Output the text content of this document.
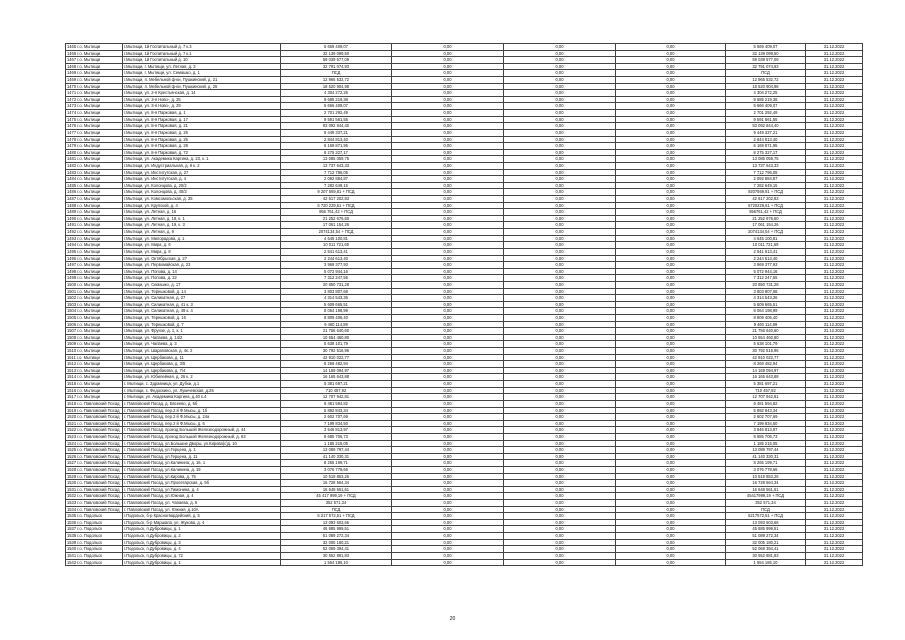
1465 г.о. Мытищи	г.Мытищи, 1й Госпитальный д. 7 к.3	5 669 409,07	0,00	0,00	0,00	5 669 409,07	31.12.2022
1466 г.о. Мытищи	г.Мытищи, 1й Госпитальный д. 7 к.1	32 139 099,50	0,00	0,00	0,00	32 139 099,50	31.12.2022
1467 г.о. Мытищи	г.Мытищи, 1й Госпитальный д. 10	59 039 577,09	0,00	0,00	0,00	59 039 577,09	31.12.2022
1468 г.о. Мытищи	г.Мытищи, г. Мытищи, ул. Летная, д. 3	32 791 074,93	0,00	0,00	0,00	32 791 074,93	31.12.2022
1469 г.о. Мытищи	г.Мытищи, г. Мытищи, ул. Семашко, д. 1	ПСД	0,00	0,00	0,00	ПСД	31.12.2022
1469 г.о. Мытищи	г.Мытищи, п. Мебельной ф-ки, Пушкинский, д. 21	12 965 532,72	0,00	0,00	0,00	12 965 532,72	31.12.2022
1470 г.о. Мытищи	г.Мытищи, п. Мебельной ф-ки, Пушкинский, д. 25	18 520 904,98	0,00	0,00	0,00	18 520 904,98	31.12.2022
1471 г.о. Мытищи	г.Мытищи, ул. 2-я Крестьянская, д. 14	4 304 272,25	0,00	0,00	0,00	4 304 272,25	31.12.2022
1472 г.о. Мытищи	г.Мытищи, ул. 3-я Ново-, д. 25	9 685 219,38	0,00	0,00	0,00	9 685 219,38	31.12.2022
1473 г.о. Мытищи	г.Мытищи, ул. 3-я Ново-, д. 29	5 666 409,07	0,00	0,00	0,00	5 666 409,07	31.12.2022
1474 г.о. Мытищи	г.Мытищи, ул. 8-я Парковая, д. 1	2 701 292,49	0,00	0,00	0,00	2 701 292,49	31.12.2022
1475 г.о. Мытищи	г.Мытищи, ул. 8-я Парковая, д. 17	9 591 561,55	0,00	0,00	0,00	9 591 561,55	31.12.2022
1476 г.о. Мытищи	г.Мытищи, ул. 8-я Парковая, д. 21	93 092 844,40	0,00	0,00	0,00	93 092 844,40	31.12.2022
1477 г.о. Мытищи	г.Мытищи, ул. 8-я Парковая, д. 25	9 449 337,21	0,00	0,00	0,00	9 449 337,21	31.12.2022
1478 г.о. Мытищи	г.Мытищи, ул. 8-я Парковая, д. 25	2 844 813,40	0,00	0,00	0,00	2 844 813,40	31.12.2022
1479 г.о. Мытищи	г.Мытищи, ул. 8-я Парковая, д. 29	6 169 871,95	0,00	0,00	0,00	6 169 871,95	31.12.2022
1480 г.о. Мытищи	г.Мытищи, ул. 8-я Парковая, д. 72	8 275 327,17	0,00	0,00	0,00	8 275 327,17	31.12.2022
1481 г.о. Мытищи	г.Мытищи, ул. Академика Каргина, д. 23, к. 1	13 085 059,75	0,00	0,00	0,00	13 085 059,75	31.12.2022
1482 г.о. Мытищи	г.Мытищи, ул. Индустриальная, д. 9 к. 2	13 737 643,33	0,00	0,00	0,00	13 737 643,33	31.12.2022
1483 г.о. Мытищи	г.Мытищи, ул. Институтская, д. 27	7 712 796,05	0,00	0,00	0,00	7 712 796,05	31.12.2022
1484 г.о. Мытищи	г.Мытищи, ул. Институтская, д. 4	2 092 884,87	0,00	0,00	0,00	2 092 884,87	31.12.2022
1485 г.о. Мытищи	г.Мытищи, ул. Колонцова, д. 20/2	7 282 649,15	0,00	0,00	0,00	7 282 649,15	31.12.2022
1486 г.о. Мытищи	г.Мытищи, ул. Колонцова, д. 40/3	9 207 569,81 + ПСД	0,00	0,00	0,00	9207569,81 + ПСД	31.12.2022
1487 г.о. Мытищи	г.Мытищи, ул. Комсомольская, д. 35	42 617 202,83	0,00	0,00	0,00	42 617 202,83	31.12.2022
1488 г.о. Мытищи	г.Мытищи, ул. Крупской, д. 4	6 720 229,61 + ПСД	0,00	0,00	0,00	6720229,61 + ПСД	31.12.2022
1489 г.о. Мытищи	г.Мытищи, ул. Летная, д. 16	956 761,42 + ПСД	0,00	0,00	0,00	956761,42 + ПСД	31.12.2022
1490 г.о. Мытищи	г.Мытищи, ул. Летная, д. 19, к. 1	21 252 676,60	0,00	0,00	0,00	21 252 676,60	31.12.2022
1491 г.о. Мытищи	г.Мытищи, ул. Летная, д. 19, к. 3	17 061 154,26	0,00	0,00	0,00	17 061 154,26	31.12.2022
1492 г.о. Мытищи	г.Мытищи, ул. Летная, д. 9	2074134,54 + ПСД	0,00	0,00	0,00	2074134,54 + ПСД	31.12.2022
1493 г.о. Мытищи	г.Мытищи, ул. Милорадова, д. 1	4 645 100,81	0,00	0,00	0,00	4 645 100,81	31.12.2022
1494 г.о. Мытищи	г.Мытищи, ул. Мира, д. 6	10 011 721,69	0,00	0,00	0,00	10 011 721,69	31.12.2022
1495 г.о. Мытищи	г.Мытищи, ул. Мира, д. 8	2 541 613,41	0,00	0,00	0,00	2 541 613,41	31.12.2022
1496 г.о. Мытищи	г.Мытищи, ул. Октябрьская, д. 27	2 244 613,40	0,00	0,00	0,00	2 244 613,40	31.12.2022
1497 г.о. Мытищи	г.Мытищи, ул. Первомайская, д. 23	3 969 377,93	0,00	0,00	0,00	3 969 377,93	31.12.2022
1498 г.о. Мытищи	г.Мытищи, ул. Попова, д. 14	5 072 944,16	0,00	0,00	0,00	5 072 944,16	31.12.2022
1499 г.о. Мытищи	г.Мытищи, ул. Попова, д. 22	7 312 247,55	0,00	0,00	0,00	7 312 247,55	31.12.2022
1500 г.о. Мытищи	г.Мытищи, ул. Семашко, д. 17	20 850 731,28	0,00	0,00	0,00	20 850 731,28	31.12.2022
1501 г.о. Мытищи	г.Мытищи, ул. Терешковой, д. 14	3 803 807,68	0,00	0,00	0,00	3 803 807,68	31.12.2022
1502 г.о. Мытищи	г.Мытищи, ул. Силикатная, д. 27	4 314 543,36	0,00	0,00	0,00	4 314 543,36	31.12.2022
1503 г.о. Мытищи	г.Мытищи, ул. Силикатная, д. 41 к. 3	5 609 665,51	0,00	0,00	0,00	5 609 665,51	31.12.2022
1504 г.о. Мытищи	г.Мытищи, ул. Силикатная, д. 49 к. 4	8 064 198,99	0,00	0,00	0,00	8 064 198,99	31.12.2022
1505 г.о. Мытищи	г.Мытищи, ул. Терешковой, д. 16	8 809 406,40	0,00	0,00	0,00	8 809 406,40	31.12.2022
1506 г.о. Мытищи	г.Мытищи, ул. Терешковой, д. 7	9 460 114,89	0,00	0,00	0,00	9 460 114,89	31.12.2022
1507 г.о. Мытищи	г.Мытищи, ул. Фрунзе, д. 1, к. 1	21 756 640,60	0,00	0,00	0,00	21 756 640,60	31.12.2022
1508 г.о. Мытищи	г.Мытищи, ул. Чапаева, д. 14/2	10 654 460,80	0,00	0,00	0,00	10 654 460,80	31.12.2022
1509 г.о. Мытищи	г.Мытищи, ул. Чапаева, д. 3	5 638 101,79	0,00	0,00	0,00	5 638 101,79	31.12.2022
1510 г.о. Мытищи	г.Мытищи, ул. Шараповская, д. 4к. 2	30 792 516,96	0,00	0,00	0,00	30 792 516,96	31.12.2022
1511 г.о. Мытищи	г.Мытищи, ул. Щербакова, д. 11	42 910 022,77	0,00	0,00	0,00	42 910 022,77	31.12.2022
1512 г.о. Мытищи	г.Мытищи, ул. Щербакова, д. 3/5	8 269 482,94	0,00	0,00	0,00	8 269 482,94	31.12.2022
1513 г.о. Мытищи	г.Мытищи, ул. Щербакова, д. 7/4	14 169 094,97	0,00	0,00	0,00	14 169 094,97	31.12.2022
1514 г.о. Мытищи	г.Мытищи, ул. Юбилейная, д. 26 к. 2	16 165 643,88	0,00	0,00	0,00	16 165 643,88	31.12.2022
1515 г.о. Мытищи	г. Мытищи, с. Здравница, ул. Дубки, д.1	5 381 697,21	0,00	0,00	0,00	5 381 697,21	31.12.2022
1516 г.о. Мытищи	г. Мытищи, с. Федоскино, ул. Лукичевская, д.25	710 457,92	0,00	0,00	0,00	710 457,92	31.12.2022
1517 г.о. Мытищи	г. Мытищи, ул. Академика Каргина, д.40 к.4	12 707 942,81	0,00	0,00	0,00	12 707 942,81	31.12.2022
1518 г.о. Павловский Посад	г. Павловский Посад, д. Евсеево, д. 5б	9 481 594,82	0,00	0,00	0,00	9 481 594,82	31.12.2022
1519 г.о. Павловский Посад	г. Павловский Посад, пер.2 й Ф.Мысы, д. 1б	5 892 843,34	0,00	0,00	0,00	5 892 843,34	31.12.2022
1520 г.о. Павловский Посад	г. Павловский Посад, пер.2 й Ф.Мысы, д. 24а	2 602 707,69	0,00	0,00	0,00	2 602 707,69	31.12.2022
1521 г.о. Павловский Посад	г. Павловский Посад, пер.2 й Ф.Мысы, д. 6	7 199 834,50	0,00	0,00	0,00	7 199 834,50	31.12.2022
1522 г.о. Павловский Посад	г. Павловский Посад, проезд Большой Железнодорожный, д. 44	3 546 813,97	0,00	0,00	0,00	3 546 813,97	31.12.2022
1523 г.о. Павловский Посад	г. Павловский Посад, проезд Большой Железнодорожный, д. 63	8 685 706,73	0,00	0,00	0,00	8 685 706,73	31.12.2022
1524 г.о. Павловский Посад	г. Павловский Посад, ул.Большие Дворы, ул.Кирова(с)д. 10	1 185 215,05	0,00	0,00	0,00	1 185 215,05	31.12.2022
1525 г.о. Павловский Посад	г. Павловский Посад, ул.Герцена, д. 1	13 089 797,44	0,00	0,00	0,00	13 089 797,44	31.12.2022
1526 г.о. Павловский Посад	г. Павловский Посад, ул.Герцена, д. 11	41 140 330,31	0,00	0,00	0,00	41 140 330,31	31.12.2022
1527 г.о. Павловский Посад	г. Павловский Посад, ул.Калинина, д. 16, 1	8 265 199,71	0,00	0,00	0,00	8 265 199,71	31.12.2022
1528 г.о. Павловский Посад	г. Павловский Посад, ул.Калинина, д. 19	3 076 778,66	0,00	0,00	0,00	3 076 778,66	31.12.2022
1529 г.о. Павловский Посад	г. Павловский Посад, ул.Кирова, д. 75	10 519 853,26	0,00	0,00	0,00	10 519 853,26	31.12.2022
1530 г.о. Павловский Посад	г. Павловский Посад, ул.Пролетарская, д. 5б	16 728 564,34	0,00	0,00	0,00	16 728 564,34	31.12.2022
1531 г.о. Павловский Посад	г. Павловский Посад, ул.Тимонина, д. 4	16 648 561,61	0,00	0,00	0,00	16 648 561,61	31.12.2022
1532 г.о. Павловский Посад	г. Павловский Посад, ул.Южная, д. 4	45 417 999,19 + ПСД	0,00	0,00	0,00	45417999,19 + ПСД	31.12.2022
1533 г.о. Павловский Посад	г. Павловский Посад, ул. Чапаева, д. 5	352 571,34	0,00	0,00	0,00	352 571,34	31.12.2022
1534 г.о. Павловский Посад	г. Павловский Посад, ул. Южная, д.10А	ПСД	0,00	0,00	0,00	ПСД	31.12.2022
1535 г.о. Подольск	г.Подольск, б-р Красногвардейский, д. 5	6 217 572,51 + ПСД	0,00	0,00	0,00	6217572,51 + ПСД	31.12.2022
1536 г.о. Подольск	г.Подольск, б-р Маршала, ул. Жукова, д. 4	13 093 603,66	0,00	0,00	0,00	13 093 603,66	31.12.2022
1537 г.о. Подольск	г.Подольск, п.Дубровицы, д. 1	45 885 999,51	0,00	0,00	0,00	45 885 999,51	31.12.2022
1538 г.о. Подольск	г.Подольск, п.Дубровицы, д. 2	51 089 272,34	0,00	0,00	0,00	51 089 272,34	31.12.2022
1539 г.о. Подольск	г.Подольск, п.Дубровицы, д. 3	32 005 180,21	0,00	0,00	0,00	32 005 180,21	31.12.2022
1540 г.о. Подольск	г.Подольск, п.Дубровицы, д. 4	52 069 394,41	0,00	0,00	0,00	52 069 394,41	31.12.2022
1541 г.о. Подольск	г.Подольск, п.Дубровицы, д. 72	30 552 881,83	0,00	0,00	0,00	30 552 881,83	31.12.2022
1542 г.о. Подольск	г.Подольск, п.Дубровицы, д. 1	1 554 186,10	0,00	0,00	0,00	1 554 186,10	31.12.2022
20
